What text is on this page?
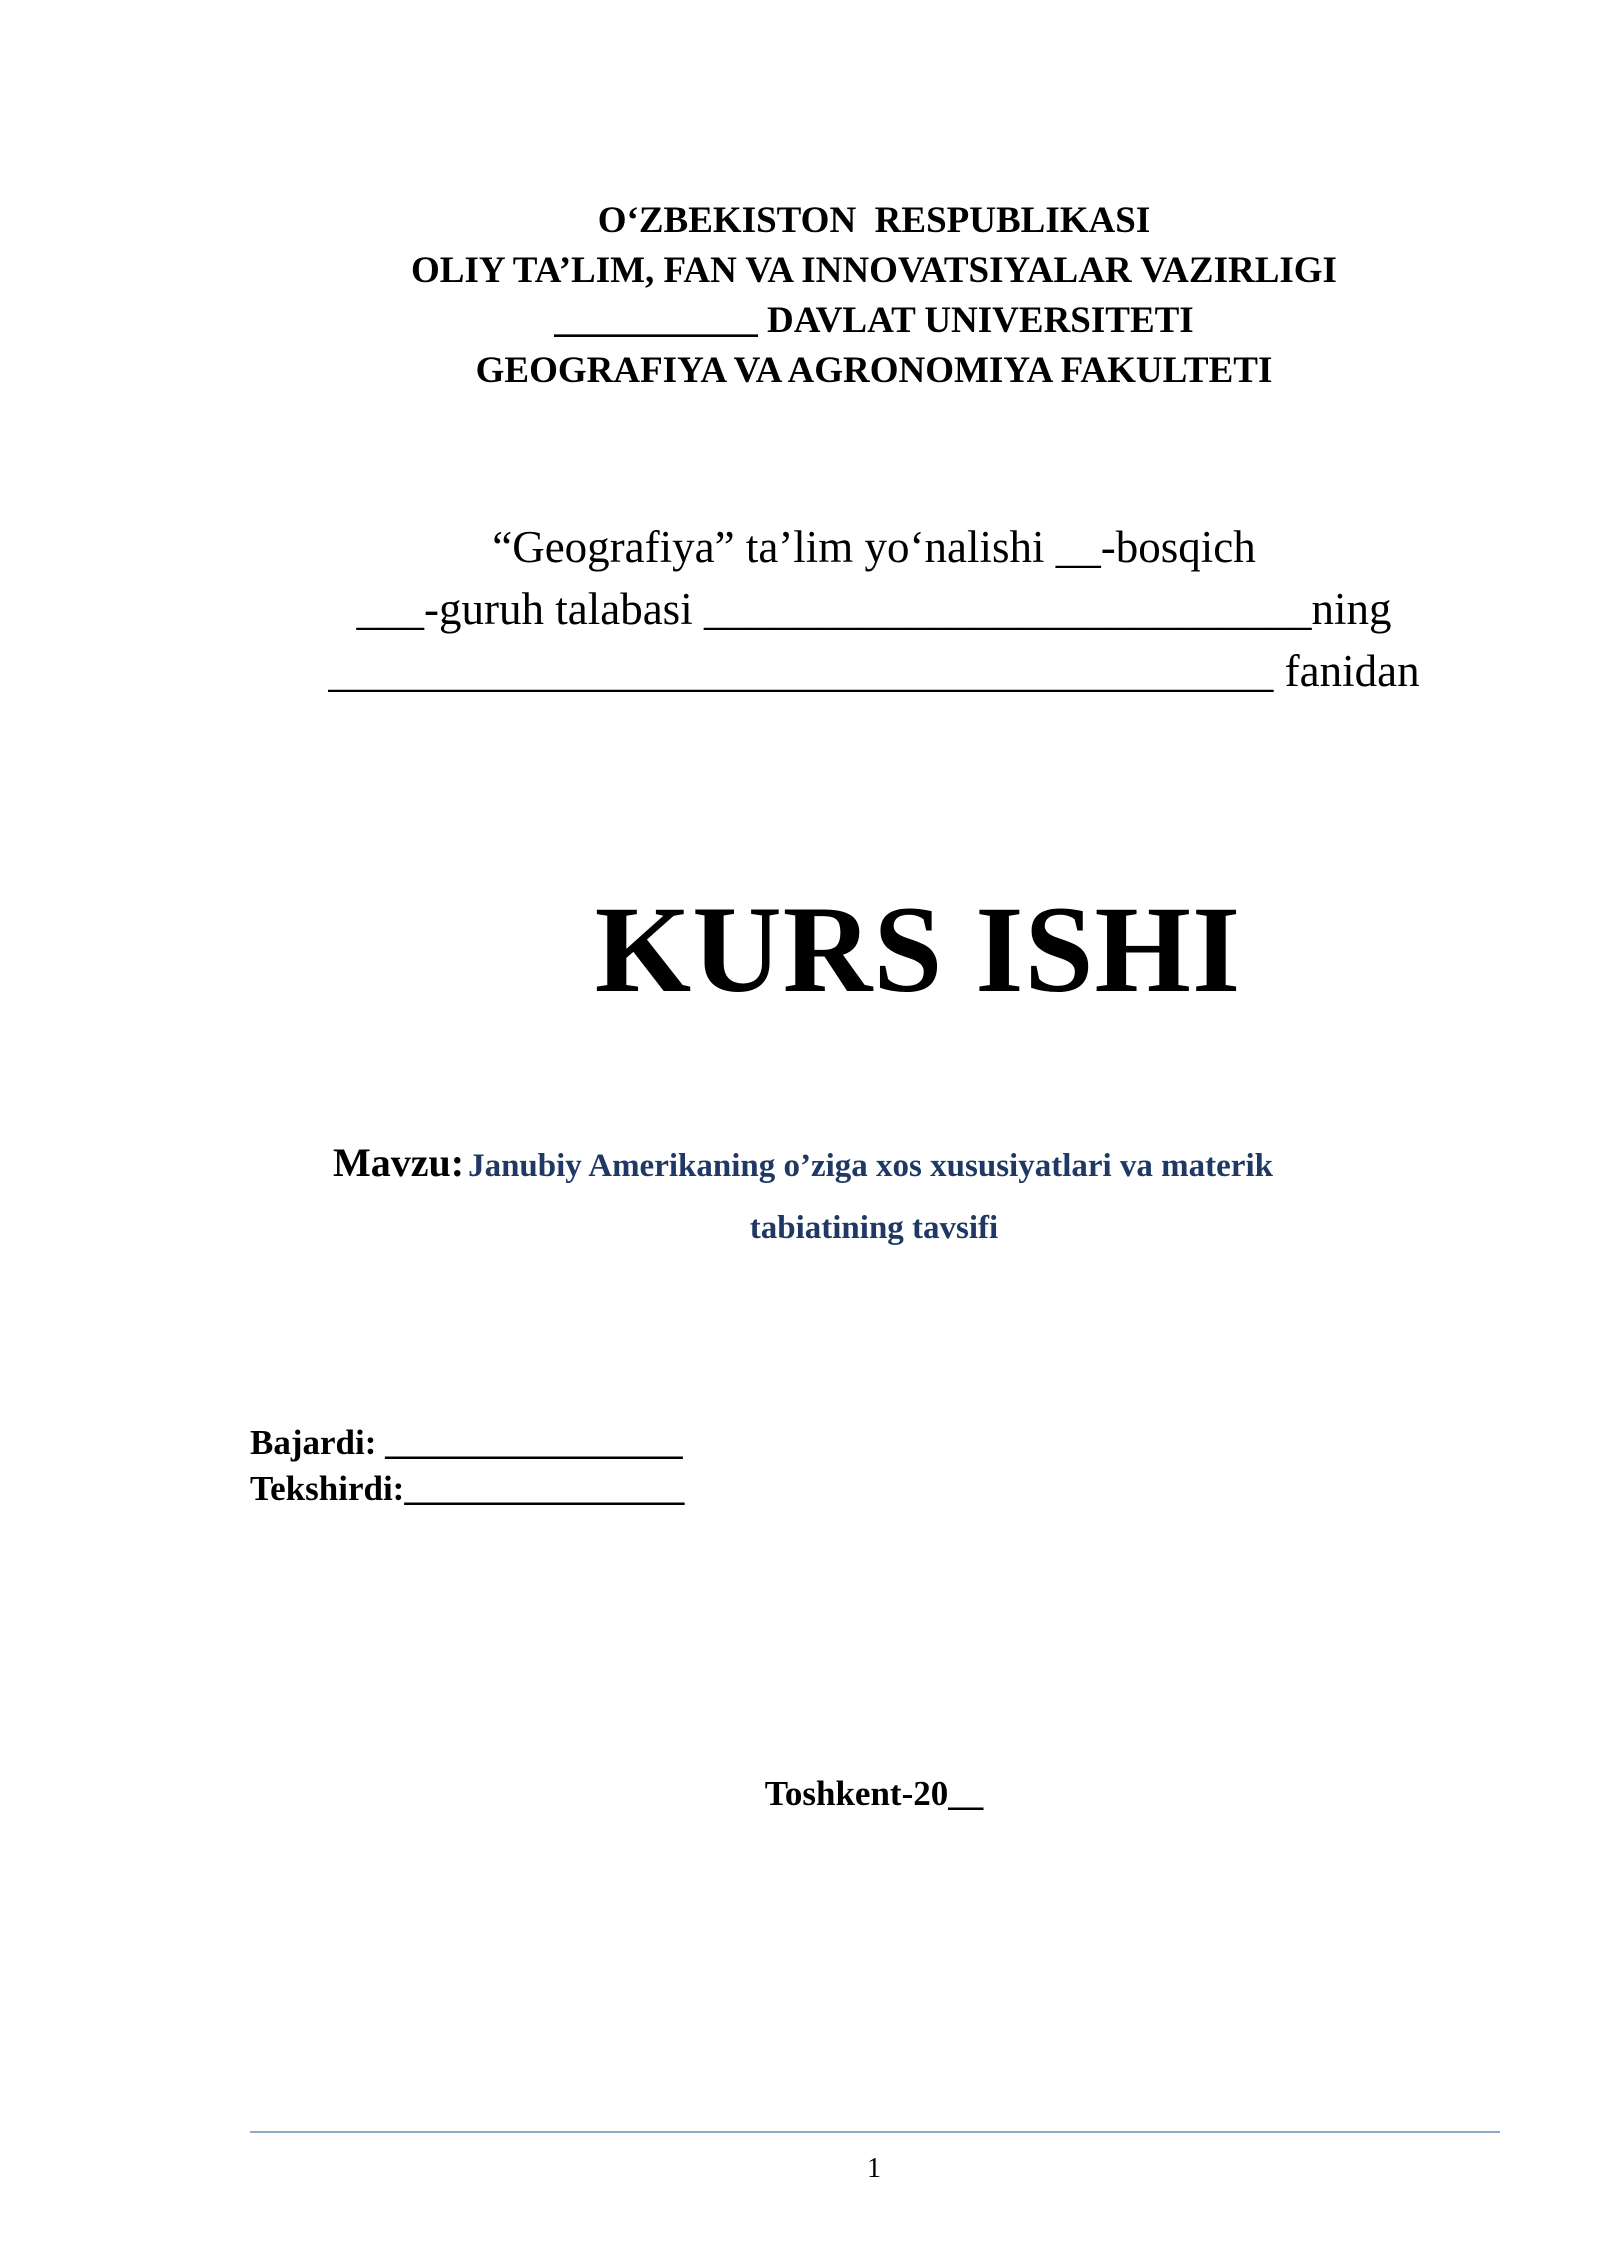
O‘ZBEKISTON  RESPUBLIKASI
OLIY TA’LIM, FAN VA INNOVATSIYALAR VAZIRLIGI
___________ DAVLAT UNIVERSITETI
GEOGRAFIYA VA AGRONOMIYA FAKULTETI
“Geografiya” ta’lim yo‘nalishi __-bosqich
___-guruh talabasi ___________________________ning
__________________________________________ fanidan
KURS ISHI
Mavzu: Janubiy Amerikaning o’ziga xos xususiyatlari va materik
tabiatining tavsifi
Bajardi: _________________
Tekshirdi:________________
Toshkent-20__
1
